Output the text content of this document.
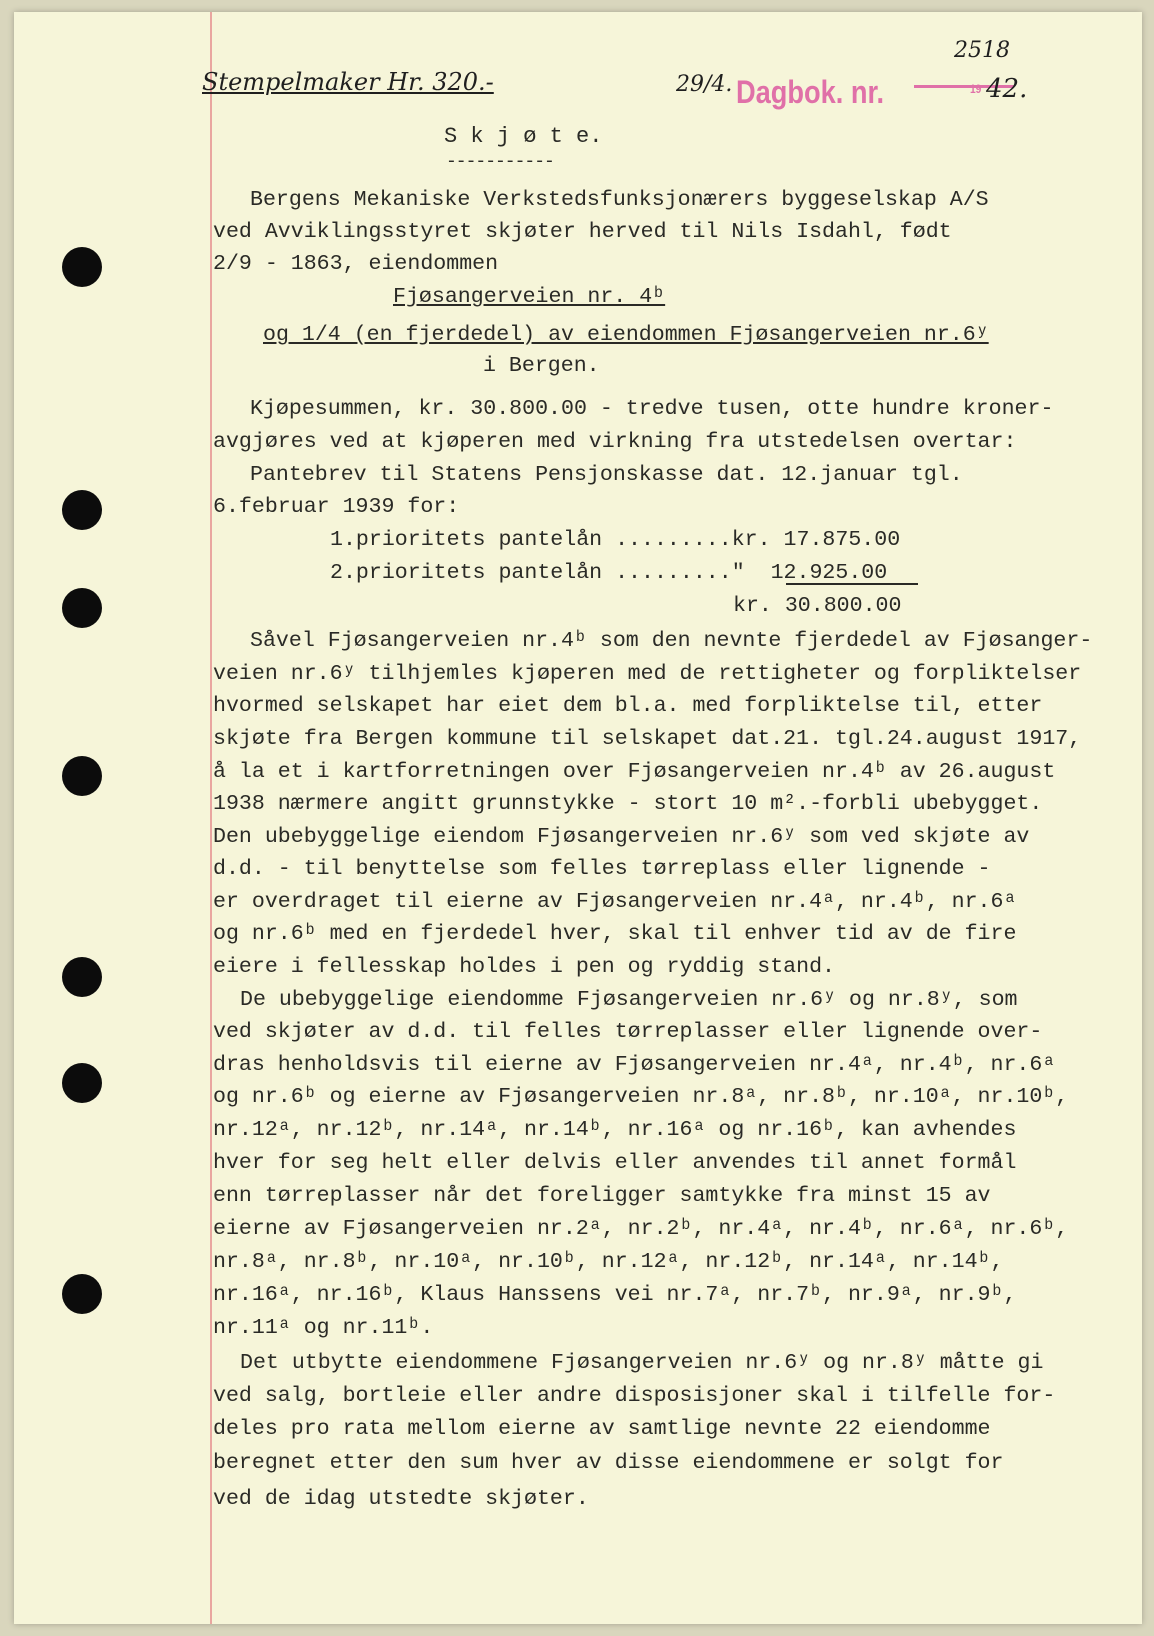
Stempelmaker Hr. 320.-	29/4. Dagbok. nr.
2518
19 42.
S k j ø t e.
-----------
Bergens Mekaniske Verkstedsfunksjonærers byggeselskap A/S
ved Avviklingsstyret skjøter herved til Nils Isdahl, født
2/9 - 1863, eiendommen
Fjøsangerveien nr. 4ᵇ
og 1/4 (en fjerdedel) av eiendommen Fjøsangerveien nr.6ʸ
i Bergen.
Kjøpesummen, kr. 30.800.00 - tredve tusen, otte hundre kroner-
avgjøres ved at kjøperen med virkning fra utstedelsen overtar:
Pantebrev til Statens Pensjonskasse dat. 12.januar tgl.
6.februar 1939 for:
1.prioritets pantelån .........kr. 17.875.00
2.prioritets pantelån ........."  12.925.00
kr. 30.800.00
Såvel Fjøsangerveien nr.4ᵇ som den nevnte fjerdedel av Fjøsanger-
veien nr.6ʸ tilhjemles kjøperen med de rettigheter og forpliktelser
hvormed selskapet har eiet dem bl.a. med forpliktelse til, etter
skjøte fra Bergen kommune til selskapet dat.21. tgl.24.august 1917,
å la et i kartforretningen over Fjøsangerveien nr.4ᵇ av 26.august
1938 nærmere angitt grunnstykke - stort 10 m².-forbli ubebygget.
Den ubebyggelige eiendom Fjøsangerveien nr.6ʸ som ved skjøte av
d.d. - til benyttelse som felles tørreplass eller lignende -
er overdraget til eierne av Fjøsangerveien nr.4ᵃ, nr.4ᵇ, nr.6ᵃ
og nr.6ᵇ med en fjerdedel hver, skal til enhver tid av de fire
eiere i fellesskap holdes i pen og ryddig stand.
De ubebyggelige eiendomme Fjøsangerveien nr.6ʸ og nr.8ʸ, som
ved skjøter av d.d. til felles tørreplasser eller lignende over-
dras henholdsvis til eierne av Fjøsangerveien nr.4ᵃ, nr.4ᵇ, nr.6ᵃ
og nr.6ᵇ og eierne av Fjøsangerveien nr.8ᵃ, nr.8ᵇ, nr.10ᵃ, nr.10ᵇ,
nr.12ᵃ, nr.12ᵇ, nr.14ᵃ, nr.14ᵇ, nr.16ᵃ og nr.16ᵇ, kan avhendes
hver for seg helt eller delvis eller anvendes til annet formål
enn tørreplasser når det foreligger samtykke fra minst 15 av
eierne av Fjøsangerveien nr.2ᵃ, nr.2ᵇ, nr.4ᵃ, nr.4ᵇ, nr.6ᵃ, nr.6ᵇ,
nr.8ᵃ, nr.8ᵇ, nr.10ᵃ, nr.10ᵇ, nr.12ᵃ, nr.12ᵇ, nr.14ᵃ, nr.14ᵇ,
nr.16ᵃ, nr.16ᵇ, Klaus Hanssens vei nr.7ᵃ, nr.7ᵇ, nr.9ᵃ, nr.9ᵇ,
nr.11ᵃ og nr.11ᵇ.
Det utbytte eiendommene Fjøsangerveien nr.6ʸ og nr.8ʸ måtte gi
ved salg, bortleie eller andre disposisjoner skal i tilfelle for-
deles pro rata mellom eierne av samtlige nevnte 22 eiendomme
beregnet etter den sum hver av disse eiendommene er solgt for
ved de idag utstedte skjøter.
